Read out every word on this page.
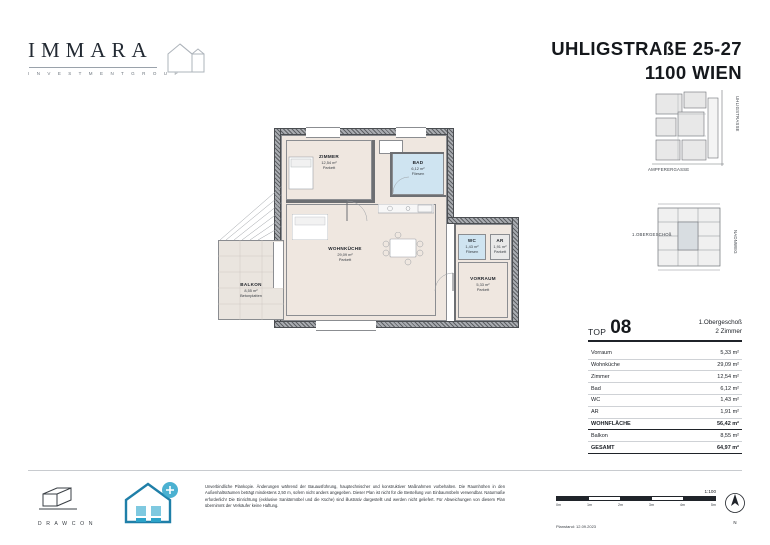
IMMARA
I N V E S T M E N T G R O U P
UHLIGSTRAßE 25-27
1100 WIEN
UHLIGSTRASSE
AMPFERERGASSE
1.OBERGESCHOß	NADNWEG
ZIMMER
12,54 m²
Parkett
BAD
6,12 m²
Fliesen
WOHNKÜCHE
29,09 m²
Parkett
VORRAUM
5,33 m²
Parkett
WC
1,43 m²
Fliesen
AR
1,91 m²
Parkett
BALKON
8,55 m²
Betonplatten
TOP 08	1.Obergeschoß
2 Zimmer
Vorraum	5,33 m²
Wohnküche	29,09 m²
Zimmer	12,54 m²
Bad	6,12 m²
WC	1,43 m²
AR	1,91 m²
WOHNFLÄCHE	56,42 m²
Balkon	8,55 m²
GESAMT	64,97 m²
D R A W C O N
Unverbindliche Plankopie. Änderungen während der Bauausführung, hauptechnischer und konstruktiver Maßnahmen vorbehalten. Die Raumhöhen in den Außenhaltsräumen beträgt mindestens 2,50 m, sofern nicht anders angegeben. Dieser Plan ist nicht für die Bestellung von Einbaumöbeln verwendbar. Naturmaße erforderlich! Die Einrichtung (exklusive Sanitärmöbel und die Küche) sind illustrativ dargestellt und werden nicht geliefert. Für Abweichungen von diesem Plan übernimmt der Verkäufer keine Haftung.
1:100
0m	1m	2m	3m	4m	5m
Planstand: 12.09.2023
N
